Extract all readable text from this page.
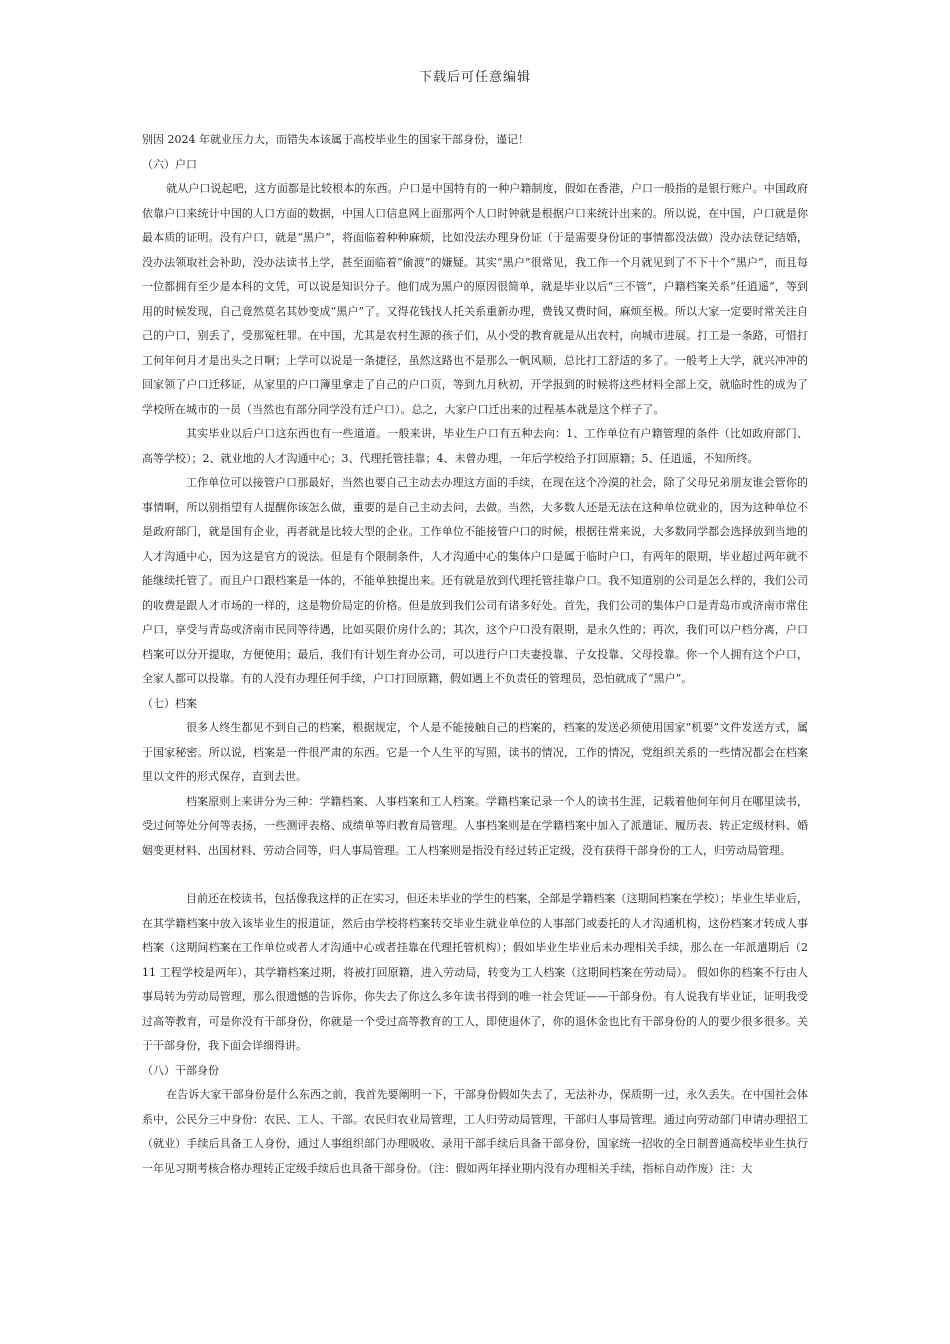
下载后可任意编辑

别因 2024 年就业压力大，而错失本该属于高校毕业生的国家干部身份，谨记！

（六）户口

就从户口说起吧，这方面都是比较根本的东西。户口是中国特有的一种户籍制度，假如在香港，户口一般指的是银行账户。中国政府依靠户口来统计中国的人口方面的数据，中国人口信息网上面那两个人口时钟就是根据户口来统计出来的。所以说，在中国，户口就是你最本质的证明。没有户口，就是“黑户”，将面临着种种麻烦，比如没法办理身份证（于是需要身份证的事情都没法做）没办法登记结婚，没办法领取社会补助，没办法读书上学，甚至面临着“偷渡”的嫌疑。其实“黑户”很常见，我工作一个月就见到了不下十个“黑户”，而且每一位都拥有至少是本科的文凭，可以说是知识分子。他们成为黑户的原因很简单，就是毕业以后“三不管”，户籍档案关系“任逍遥”，等到用的时候发现，自己竟然莫名其妙变成“黑户”了。又得花钱找人托关系重新办理，费钱又费时间，麻烦至极。所以大家一定要时常关注自己的户口，别丢了，受那冤枉罪。在中国，尤其是农村生源的孩子们，从小受的教育就是从出农村，向城市进展。打工是一条路，可惜打工何年何月才是出头之日啊；上学可以说是一条捷径，虽然这路也不是那么一帆风顺，总比打工舒适的多了。一般考上大学，就兴冲冲的回家领了户口迁移证，从家里的户口簿里拿走了自己的户口页，等到九月秋初，开学报到的时候将这些材料全部上交，就临时性的成为了学校所在城市的一员（当然也有部分同学没有迁户口）。总之，大家户口迁出来的过程基本就是这个样子了。

其实毕业以后户口这东西也有一些道道。一般来讲，毕业生户口有五种去向：1、工作单位有户籍管理的条件（比如政府部门、高等学校）；2、就业地的人才沟通中心；3、代理托管挂靠；4、未曾办理，一年后学校给予打回原籍；5、任逍遥，不知所终。

工作单位可以接管户口那最好，当然也要自己主动去办理这方面的手续，在现在这个冷漠的社会，除了父母兄弟朋友谁会管你的事情啊，所以别指望有人提醒你该怎么做，重要的是自己主动去问，去做。当然，大多数人还是无法在这种单位就业的，因为这种单位不是政府部门，就是国有企业，再者就是比较大型的企业。工作单位不能接管户口的时候，根据往常来说，大多数同学都会选择放到当地的人才沟通中心，因为这是官方的说法。但是有个限制条件，人才沟通中心的集体户口是属于临时户口，有两年的限期，毕业超过两年就不能继续托管了。而且户口跟档案是一体的，不能单独提出来。还有就是放到代理托管挂靠户口。我不知道别的公司是怎么样的，我们公司的收费是跟人才市场的一样的，这是物价局定的价格。但是放到我们公司有诸多好处。首先，我们公司的集体户口是青岛市或济南市常住户口，享受与青岛或济南市民同等待遇，比如买限价房什么的；其次，这个户口没有限期，是永久性的；再次，我们可以户档分离，户口档案可以分开提取，方便使用；最后，我们有计划生育办公司，可以进行户口夫妻投靠、子女投靠、父母投靠。你一个人拥有这个户口，全家人都可以投靠。有的人没有办理任何手续，户口打回原籍，假如遇上不负责任的管理员，恐怕就成了“黑户”。

（七）档案

很多人终生都见不到自己的档案，根据规定，个人是不能接触自己的档案的，档案的发送必须使用国家“机要”文件发送方式，属于国家秘密。所以说，档案是一件很严肃的东西。它是一个人生平的写照，读书的情况，工作的情况，党组织关系的一些情况都会在档案里以文件的形式保存，直到去世。

档案原则上来讲分为三种：学籍档案、人事档案和工人档案。学籍档案记录一个人的读书生涯，记载着他何年何月在哪里读书，受过何等处分何等表扬，一些测评表格、成绩单等归教育局管理。人事档案则是在学籍档案中加入了派遣证、履历表、转正定级材料、婚姻变更材料、出国材料、劳动合同等，归人事局管理。工人档案则是指没有经过转正定级，没有获得干部身份的工人，归劳动局管理。

目前还在校读书，包括像我这样的正在实习，但还未毕业的学生的档案，全部是学籍档案（这期间档案在学校）；毕业生毕业后，在其学籍档案中放入该毕业生的报道证，然后由学校将档案转交毕业生就业单位的人事部门或委托的人才沟通机构，这份档案才转成人事档案（这期间档案在工作单位或者人才沟通中心或者挂靠在代理托管机构）；假如毕业生毕业后未办理相关手续，那么在一年派遣期后（211 工程学校是两年），其学籍档案过期，将被打回原籍，进入劳动局，转变为工人档案（这期间档案在劳动局）。 假如你的档案不行由人事局转为劳动局管理，那么很遗憾的告诉你，你失去了你这么多年读书得到的唯一社会凭证——干部身份。有人说我有毕业证，证明我受过高等教育，可是你没有干部身份，你就是一个受过高等教育的工人，即使退休了，你的退休金也比有干部身份的人的要少很多很多。关于干部身份，我下面会详细得讲。

（八）干部身份

在告诉大家干部身份是什么东西之前，我首先要阐明一下，干部身份假如失去了，无法补办，保质期一过，永久丢失。在中国社会体系中，公民分三中身份：农民、工人、干部。农民归农业局管理，工人归劳动局管理，干部归人事局管理。通过向劳动部门申请办理招工（就业）手续后具备工人身份，通过人事组织部门办理吸收、录用干部手续后具备干部身份，国家统一招收的全日制普通高校毕业生执行一年见习期考核合格办理转正定级手续后也具备干部身份。（注：假如两年择业期内没有办理相关手续，指标自动作废）注：大
